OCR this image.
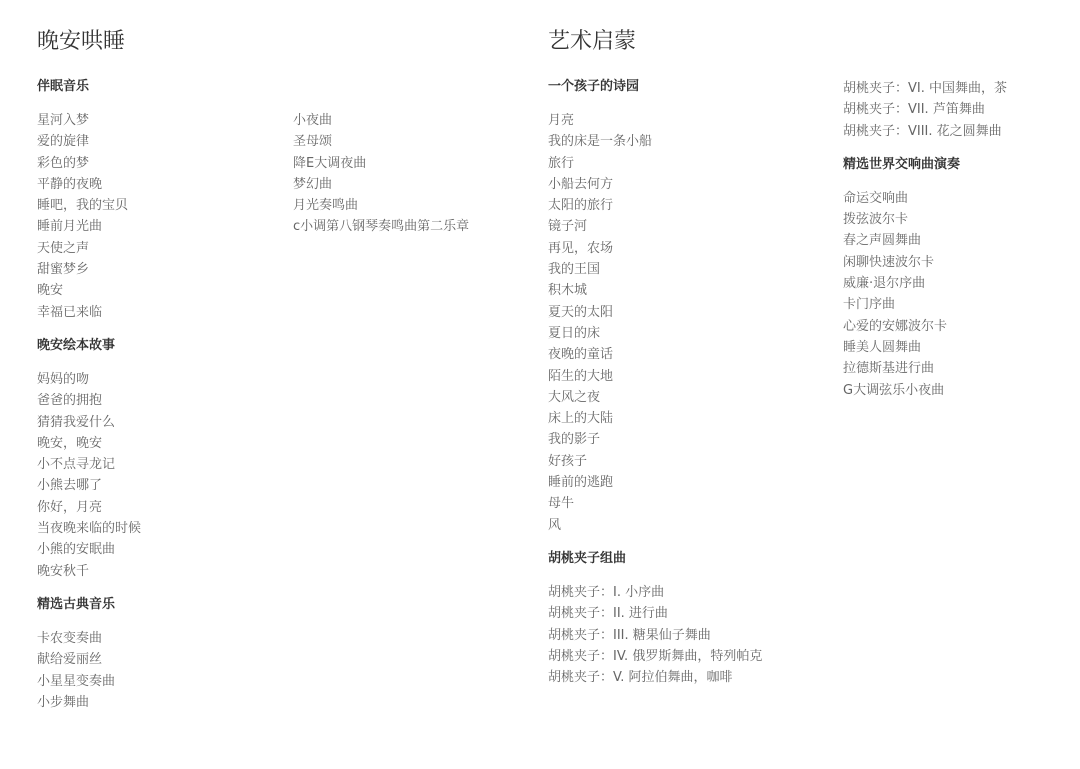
晚安哄睡
伴眠音乐
星河入梦
爱的旋律
彩色的梦
平静的夜晚
睡吧，我的宝贝
睡前月光曲
天使之声
甜蜜梦乡
晚安
幸福已来临
晚安绘本故事
妈妈的吻
爸爸的拥抱
猜猜我爱什么
晚安，晚安
小不点寻龙记
小熊去哪了
你好，月亮
当夜晚来临的时候
小熊的安眠曲
晚安秋千
精选古典音乐
卡农变奏曲
献给爱丽丝
小星星变奏曲
小步舞曲
小夜曲
圣母颂
降E大调夜曲
梦幻曲
月光奏鸣曲
c小调第八钢琴奏鸣曲第二乐章
艺术启蒙
一个孩子的诗园
月亮
我的床是一条小船
旅行
小船去何方
太阳的旅行
镜子河
再见，农场
我的王国
积木城
夏天的太阳
夏日的床
夜晚的童话
陌生的大地
大风之夜
床上的大陆
我的影子
好孩子
睡前的逃跑
母牛
风
胡桃夹子组曲
胡桃夹子：I. 小序曲
胡桃夹子：II. 进行曲
胡桃夹子：III. 糖果仙子舞曲
胡桃夹子：IV. 俄罗斯舞曲，特列帕克
胡桃夹子：V. 阿拉伯舞曲，咖啡
胡桃夹子：VI. 中国舞曲，茶
胡桃夹子：VII. 芦笛舞曲
胡桃夹子：VIII. 花之圆舞曲
精选世界交响曲演奏
命运交响曲
拨弦波尔卡
春之声圆舞曲
闲聊快速波尔卡
威廉·退尔序曲
卡门序曲
心爱的安娜波尔卡
睡美人圆舞曲
拉德斯基进行曲
G大调弦乐小夜曲
